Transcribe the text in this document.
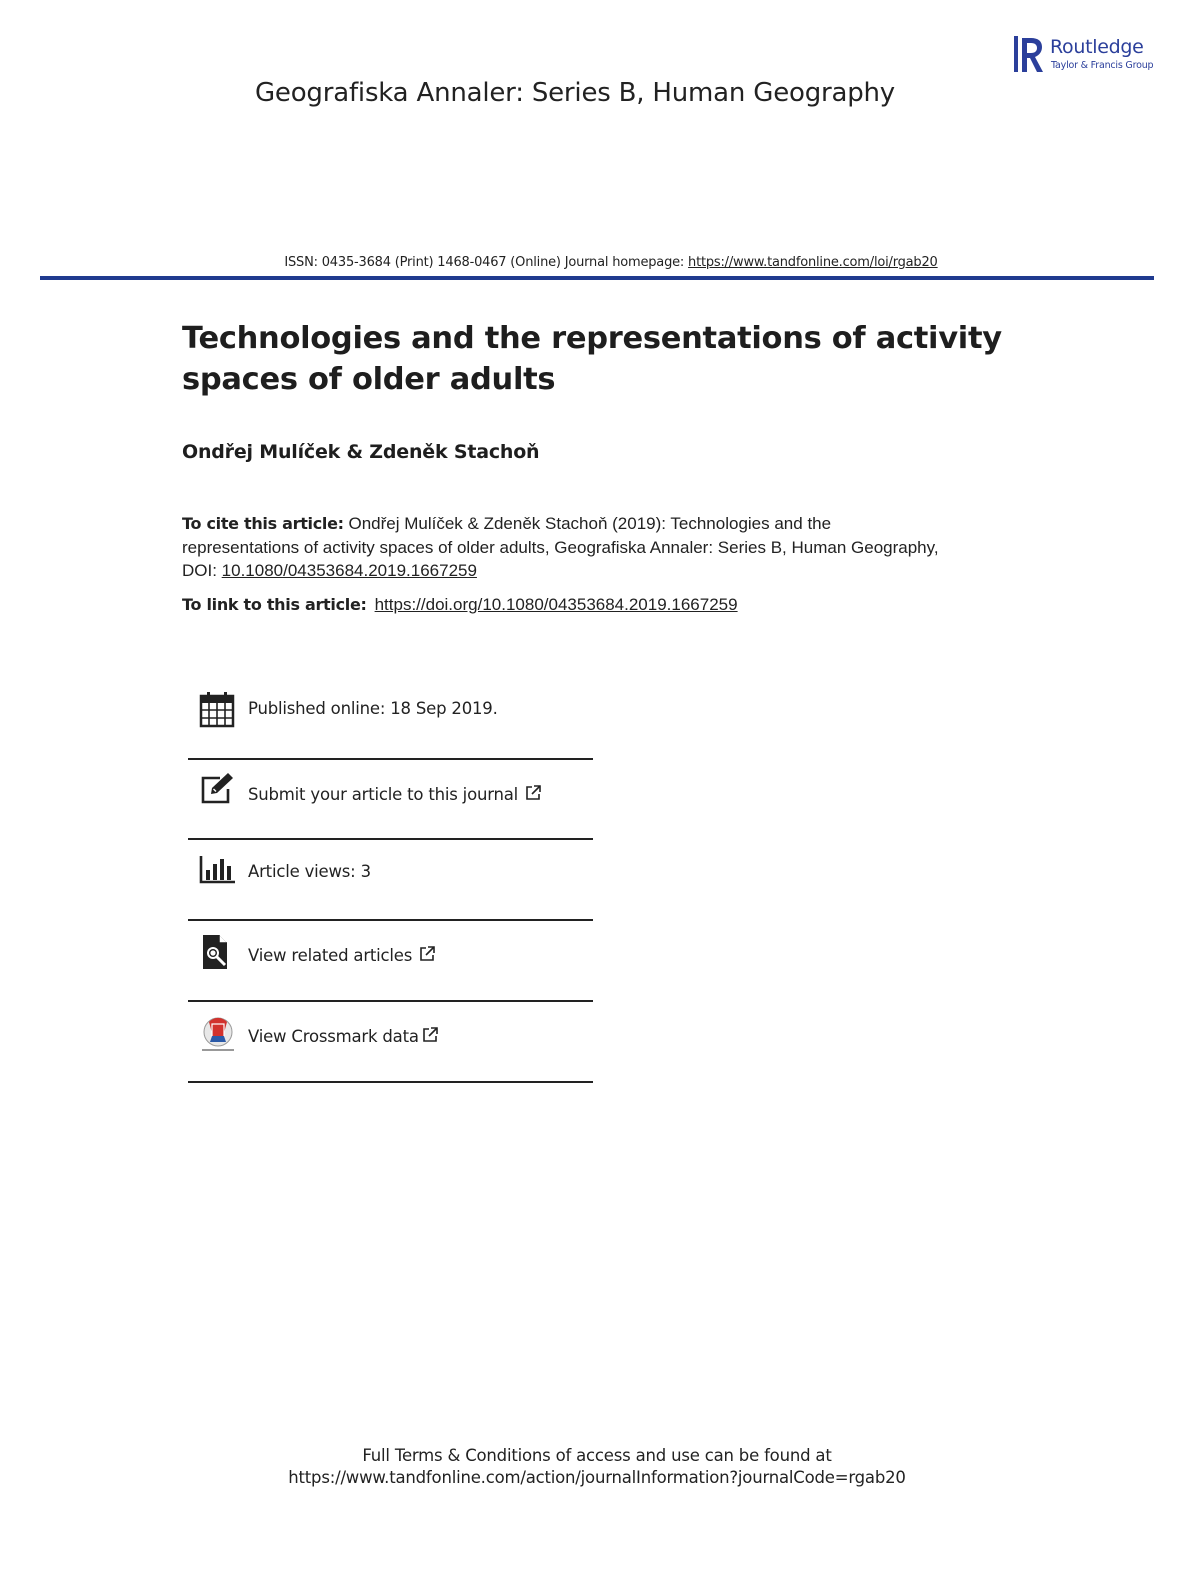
Routledge
Taylor & Francis Group
Geografiska Annaler: Series B, Human Geography
ISSN: 0435-3684 (Print) 1468-0467 (Online) Journal homepage: https://www.tandfonline.com/loi/rgab20
Technologies and the representations of activity spaces of older adults
Ondřej Mulíček & Zdeněk Stachoň
To cite this article: Ondřej Mulíček & Zdeněk Stachoň (2019): Technologies and the representations of activity spaces of older adults, Geografiska Annaler: Series B, Human Geography, DOI: 10.1080/04353684.2019.1667259
To link to this article: https://doi.org/10.1080/04353684.2019.1667259
Published online: 18 Sep 2019.
Submit your article to this journal
Article views: 3
View related articles
View Crossmark data
Full Terms & Conditions of access and use can be found at
https://www.tandfonline.com/action/journalInformation?journalCode=rgab20
